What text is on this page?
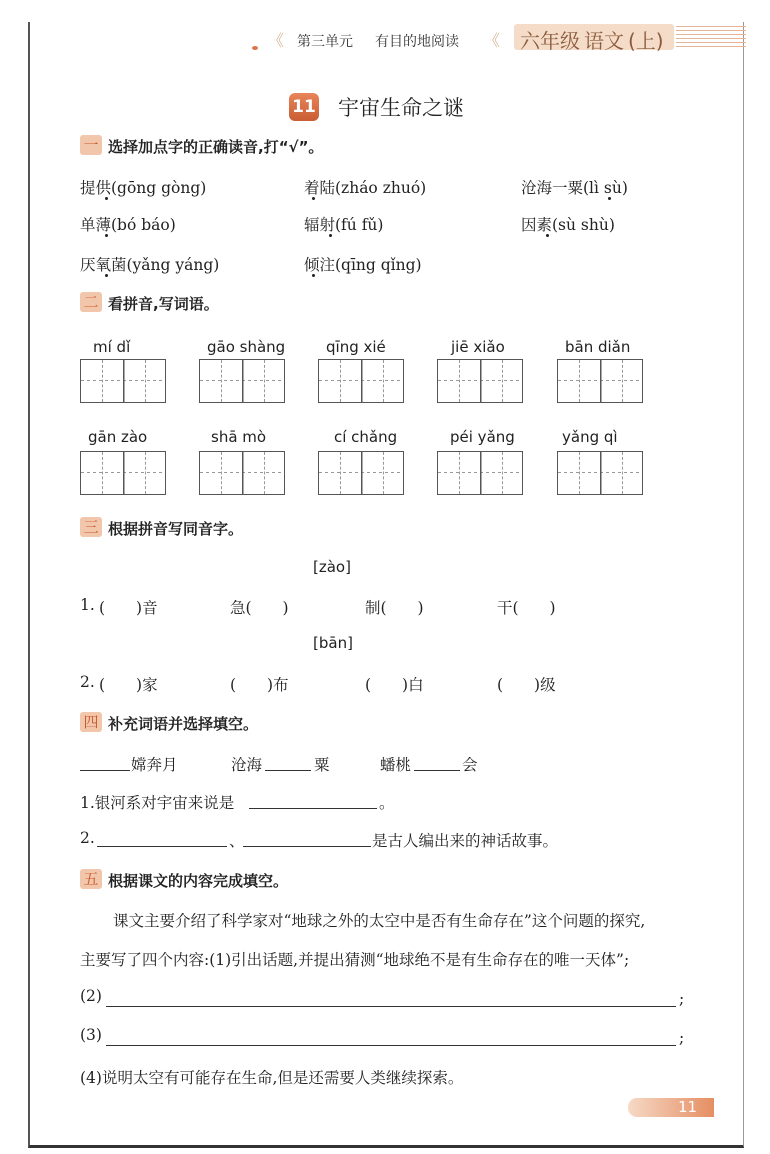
《 第三单元 有目的地阅读 《 六年级 语文 (上)
11 宇宙生命之谜
一 选择加点字的正确读音,打“√”。
提供(gōng gòng)	着陆(zháo zhuó)	沧海一粟(lì sù)
单薄(bó báo)	辐射(fú fǔ)	因素(sù shù)
厌氧菌(yǎng yáng)	倾注(qīng qǐng)
二 看拼音,写词语。
mí dǐ	gāo shàng	qīng xié	jiē xiǎo	bān diǎn
gān zào	shā mò	cí chǎng	péi yǎng	yǎng qì
三 根据拼音写同音字。
[zào]
1. (　　)音	急(　　)	制(　　)	干(　　)
[bān]
2. (　　)家	(　　)布	(　　)白	(　　)级
四 补充词语并选择填空。
嫦奔月	沧海	粟	蟠桃	会
1.银河系对宇宙来说是	。
2.	、	是古人编出来的神话故事。
五 根据课文的内容完成填空。
课文主要介绍了科学家对“地球之外的太空中是否有生命存在”这个问题的探究,
主要写了四个内容:(1)引出话题,并提出猜测“地球绝不是有生命存在的唯一天体”;
(2)	;
(3)	;
(4)说明太空有可能存在生命,但是还需要人类继续探索。
11
